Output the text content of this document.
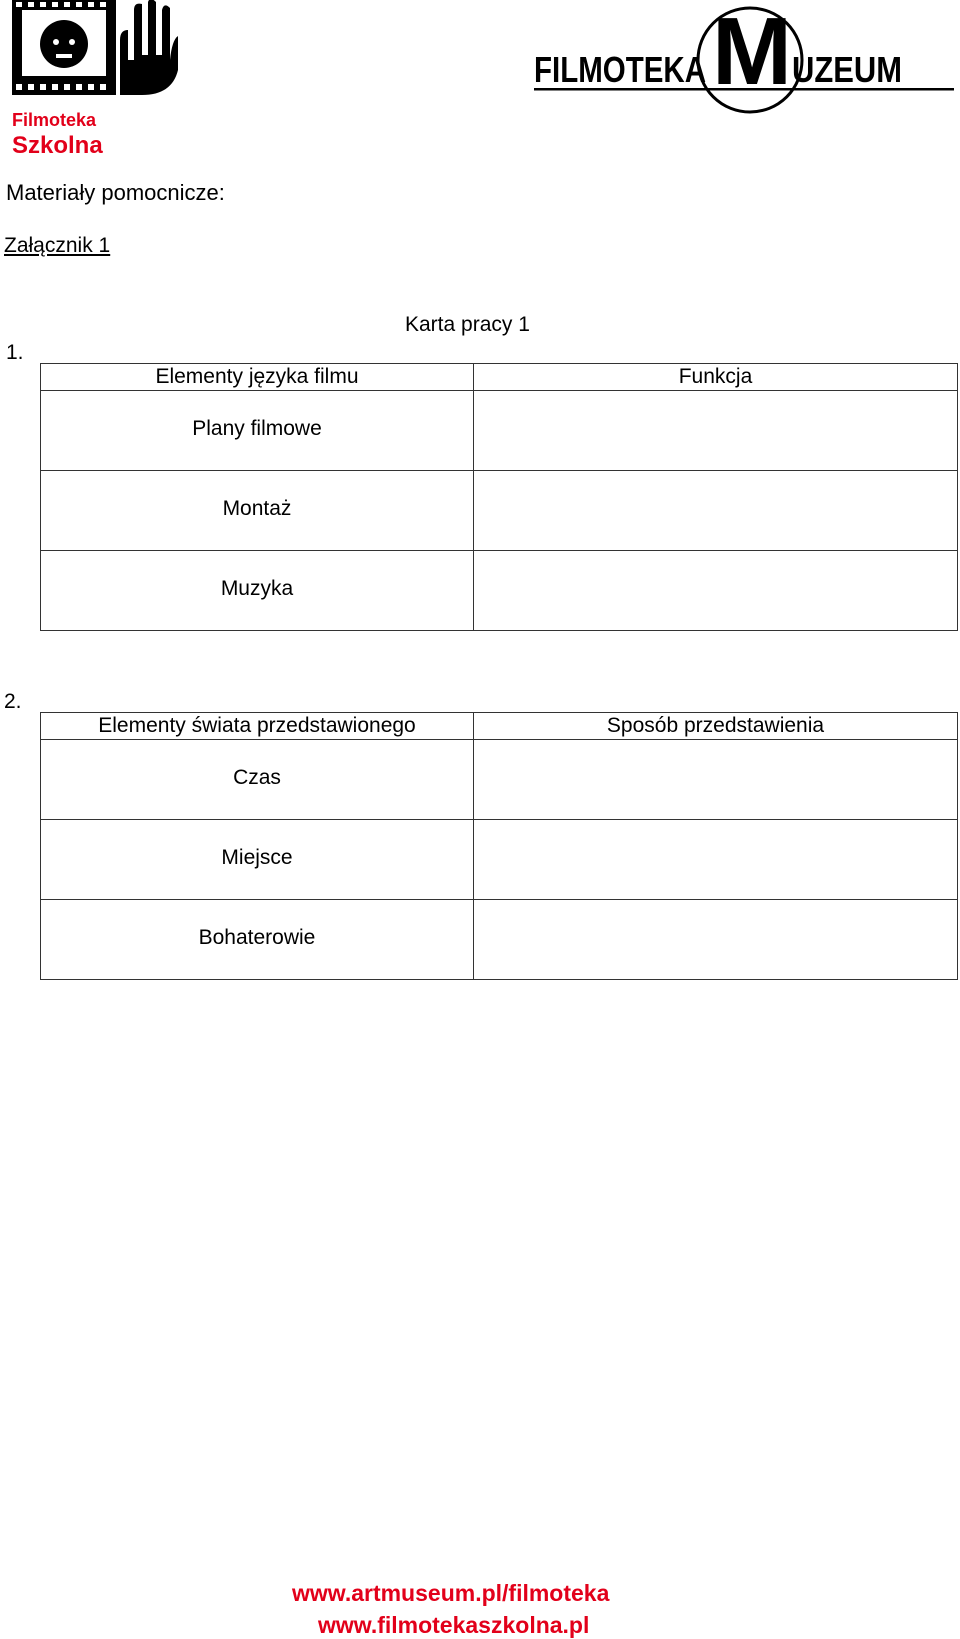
Filmoteka
Szkolna
FILMOTEKA M UZEUM
Materiały pomocnicze:
Załącznik 1
Karta pracy 1
1.
Elementy języka filmu	Funkcja

Plany filmowe	

Montaż	

Muzyka	

2.
Elementy świata przedstawionego	Sposób przedstawienia

Czas	

Miejsce	

Bohaterowie	

www.artmuseum.pl/filmoteka
www.filmotekaszkolna.pl
